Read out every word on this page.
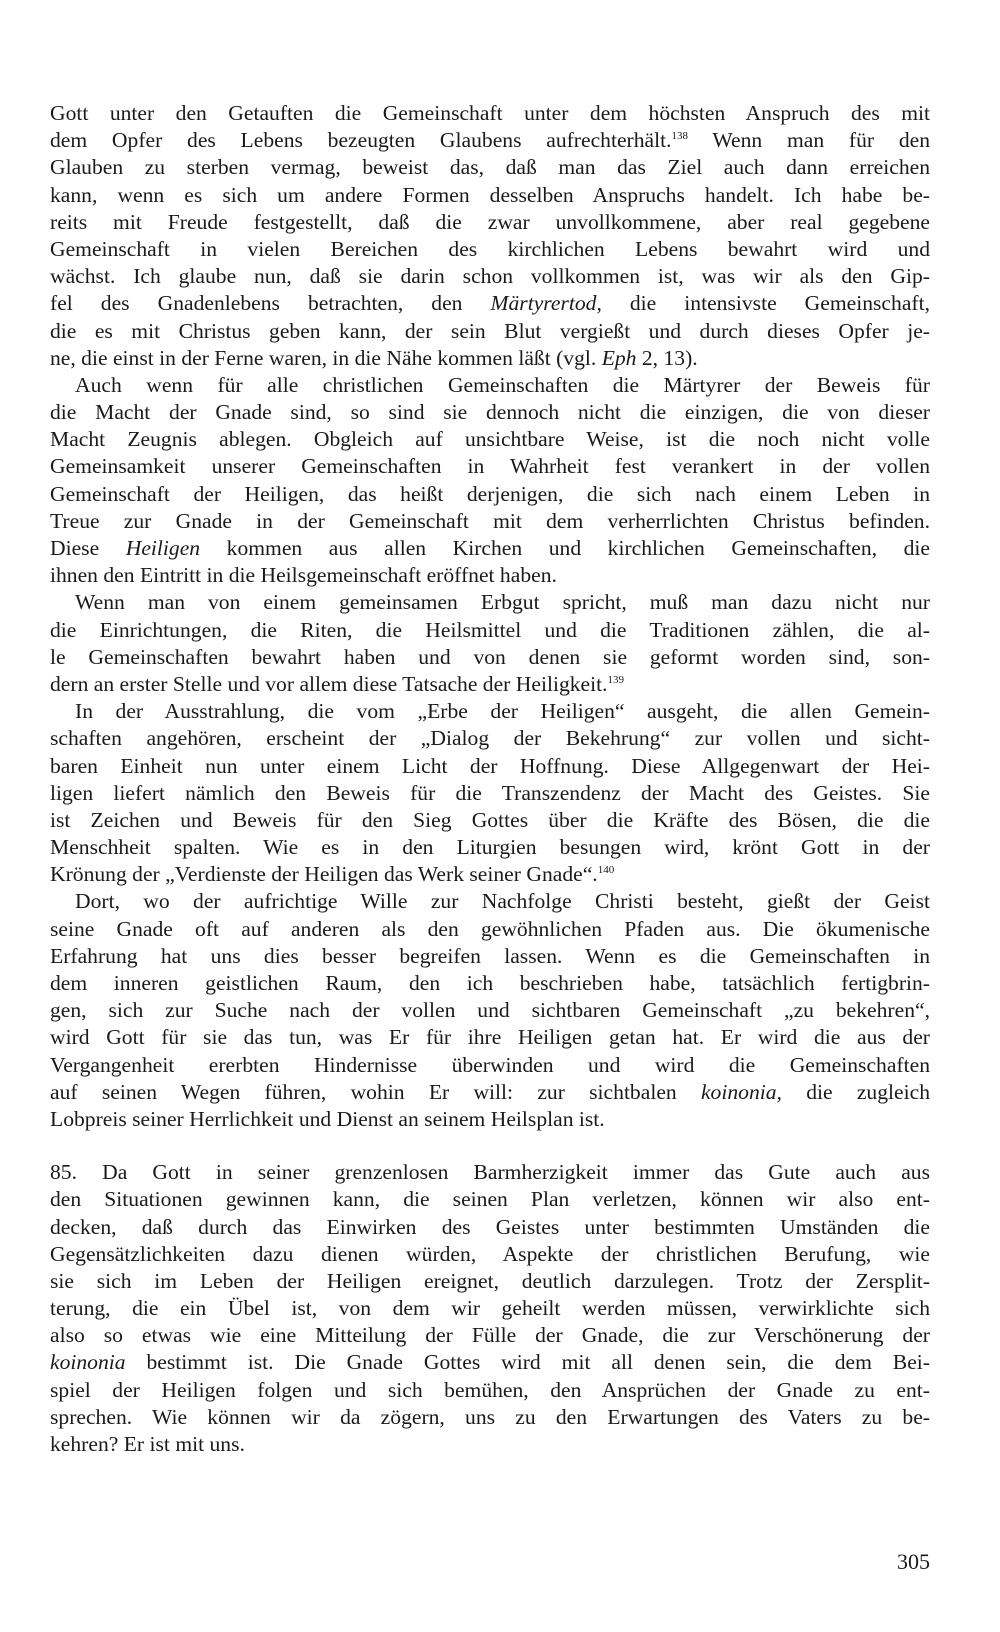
Gott unter den Getauften die Gemeinschaft unter dem höchsten Anspruch des mit
dem Opfer des Lebens bezeugten Glaubens aufrechterhält.$^{138}$ Wenn man für den
Glauben zu sterben vermag, beweist das, daß man das Ziel auch dann erreichen
kann, wenn es sich um andere Formen desselben Anspruchs handelt. Ich habe be-
reits mit Freude festgestellt, daß die zwar unvollkommene, aber real gegebene
Gemeinschaft in vielen Bereichen des kirchlichen Lebens bewahrt wird und
wächst. Ich glaube nun, daß sie darin schon vollkommen ist, was wir als den Gip-
fel des Gnadenlebens betrachten, den Märtyrertod, die intensivste Gemeinschaft,
die es mit Christus geben kann, der sein Blut vergießt und durch dieses Opfer je-
ne, die einst in der Ferne waren, in die Nähe kommen läßt (vgl. Eph 2, 13).
Auch wenn für alle christlichen Gemeinschaften die Märtyrer der Beweis für
die Macht der Gnade sind, so sind sie dennoch nicht die einzigen, die von dieser
Macht Zeugnis ablegen. Obgleich auf unsichtbare Weise, ist die noch nicht volle
Gemeinsamkeit unserer Gemeinschaften in Wahrheit fest verankert in der vollen
Gemeinschaft der Heiligen, das heißt derjenigen, die sich nach einem Leben in
Treue zur Gnade in der Gemeinschaft mit dem verherrlichten Christus befinden.
Diese Heiligen kommen aus allen Kirchen und kirchlichen Gemeinschaften, die
ihnen den Eintritt in die Heilsgemeinschaft eröffnet haben.
Wenn man von einem gemeinsamen Erbgut spricht, muß man dazu nicht nur
die Einrichtungen, die Riten, die Heilsmittel und die Traditionen zählen, die al-
le Gemeinschaften bewahrt haben und von denen sie geformt worden sind, son-
dern an erster Stelle und vor allem diese Tatsache der Heiligkeit.$^{139}$
In der Ausstrahlung, die vom „Erbe der Heiligen“ ausgeht, die allen Gemein-
schaften angehören, erscheint der „Dialog der Bekehrung“ zur vollen und sicht-
baren Einheit nun unter einem Licht der Hoffnung. Diese Allgegenwart der Hei-
ligen liefert nämlich den Beweis für die Transzendenz der Macht des Geistes. Sie
ist Zeichen und Beweis für den Sieg Gottes über die Kräfte des Bösen, die die
Menschheit spalten. Wie es in den Liturgien besungen wird, krönt Gott in der
Krönung der „Verdienste der Heiligen das Werk seiner Gnade“.$^{140}$
Dort, wo der aufrichtige Wille zur Nachfolge Christi besteht, gießt der Geist
seine Gnade oft auf anderen als den gewöhnlichen Pfaden aus. Die ökumenische
Erfahrung hat uns dies besser begreifen lassen. Wenn es die Gemeinschaften in
dem inneren geistlichen Raum, den ich beschrieben habe, tatsächlich fertigbrin-
gen, sich zur Suche nach der vollen und sichtbaren Gemeinschaft „zu bekehren“,
wird Gott für sie das tun, was Er für ihre Heiligen getan hat. Er wird die aus der
Vergangenheit ererbten Hindernisse überwinden und wird die Gemeinschaften
auf seinen Wegen führen, wohin Er will: zur sichtbalen koinonia, die zugleich
Lobpreis seiner Herrlichkeit und Dienst an seinem Heilsplan ist.
85. Da Gott in seiner grenzenlosen Barmherzigkeit immer das Gute auch aus
den Situationen gewinnen kann, die seinen Plan verletzen, können wir also ent-
decken, daß durch das Einwirken des Geistes unter bestimmten Umständen die
Gegensätzlichkeiten dazu dienen würden, Aspekte der christlichen Berufung, wie
sie sich im Leben der Heiligen ereignet, deutlich darzulegen. Trotz der Zersplit-
terung, die ein Übel ist, von dem wir geheilt werden müssen, verwirklichte sich
also so etwas wie eine Mitteilung der Fülle der Gnade, die zur Verschönerung der
koinonia bestimmt ist. Die Gnade Gottes wird mit all denen sein, die dem Bei-
spiel der Heiligen folgen und sich bemühen, den Ansprüchen der Gnade zu ent-
sprechen. Wie können wir da zögern, uns zu den Erwartungen des Vaters zu be-
kehren? Er ist mit uns.
305
